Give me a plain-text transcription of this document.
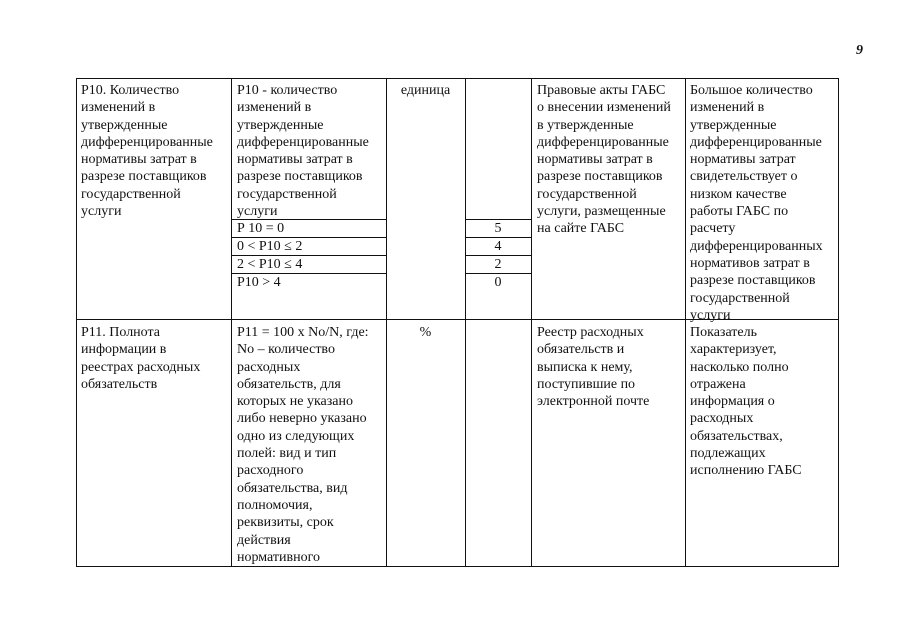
9
Р10. Количество
изменений в
утвержденные
дифференцированные
нормативы затрат в
разрезе поставщиков
государственной
услуги
Р10 - количество
изменений в
утвержденные
дифференцированные
нормативы затрат в
разрезе поставщиков
государственной
услуги
единица	Правовые акты ГАБС
о внесении изменений
в утвержденные
дифференцированные
нормативы затрат в
разрезе поставщиков
государственной
услуги, размещенные
на сайте ГАБС
Большое количество
изменений в
утвержденные
дифференцированные
нормативы затрат
свидетельствует о
низком качестве
работы ГАБС по
расчету
дифференцированных
нормативов затрат в
разрезе поставщиков
государственной
услуги
Р 10 = 0
0 < Р10 ≤ 2
2 < Р10 ≤ 4
Р10 > 4
5
4
2
0
Р11. Полнота
информации в
реестрах расходных
обязательств
Р11 = 100 х No/N, где:
No – количество
расходных
обязательств, для
которых не указано
либо неверно указано
одно из следующих
полей: вид и тип
расходного
обязательства, вид
полномочия,
реквизиты, срок
действия
нормативного
%	Реестр расходных
обязательств и
выписка к нему,
поступившие по
электронной почте
Показатель
характеризует,
насколько полно
отражена
информация о
расходных
обязательствах,
подлежащих
исполнению ГАБС
